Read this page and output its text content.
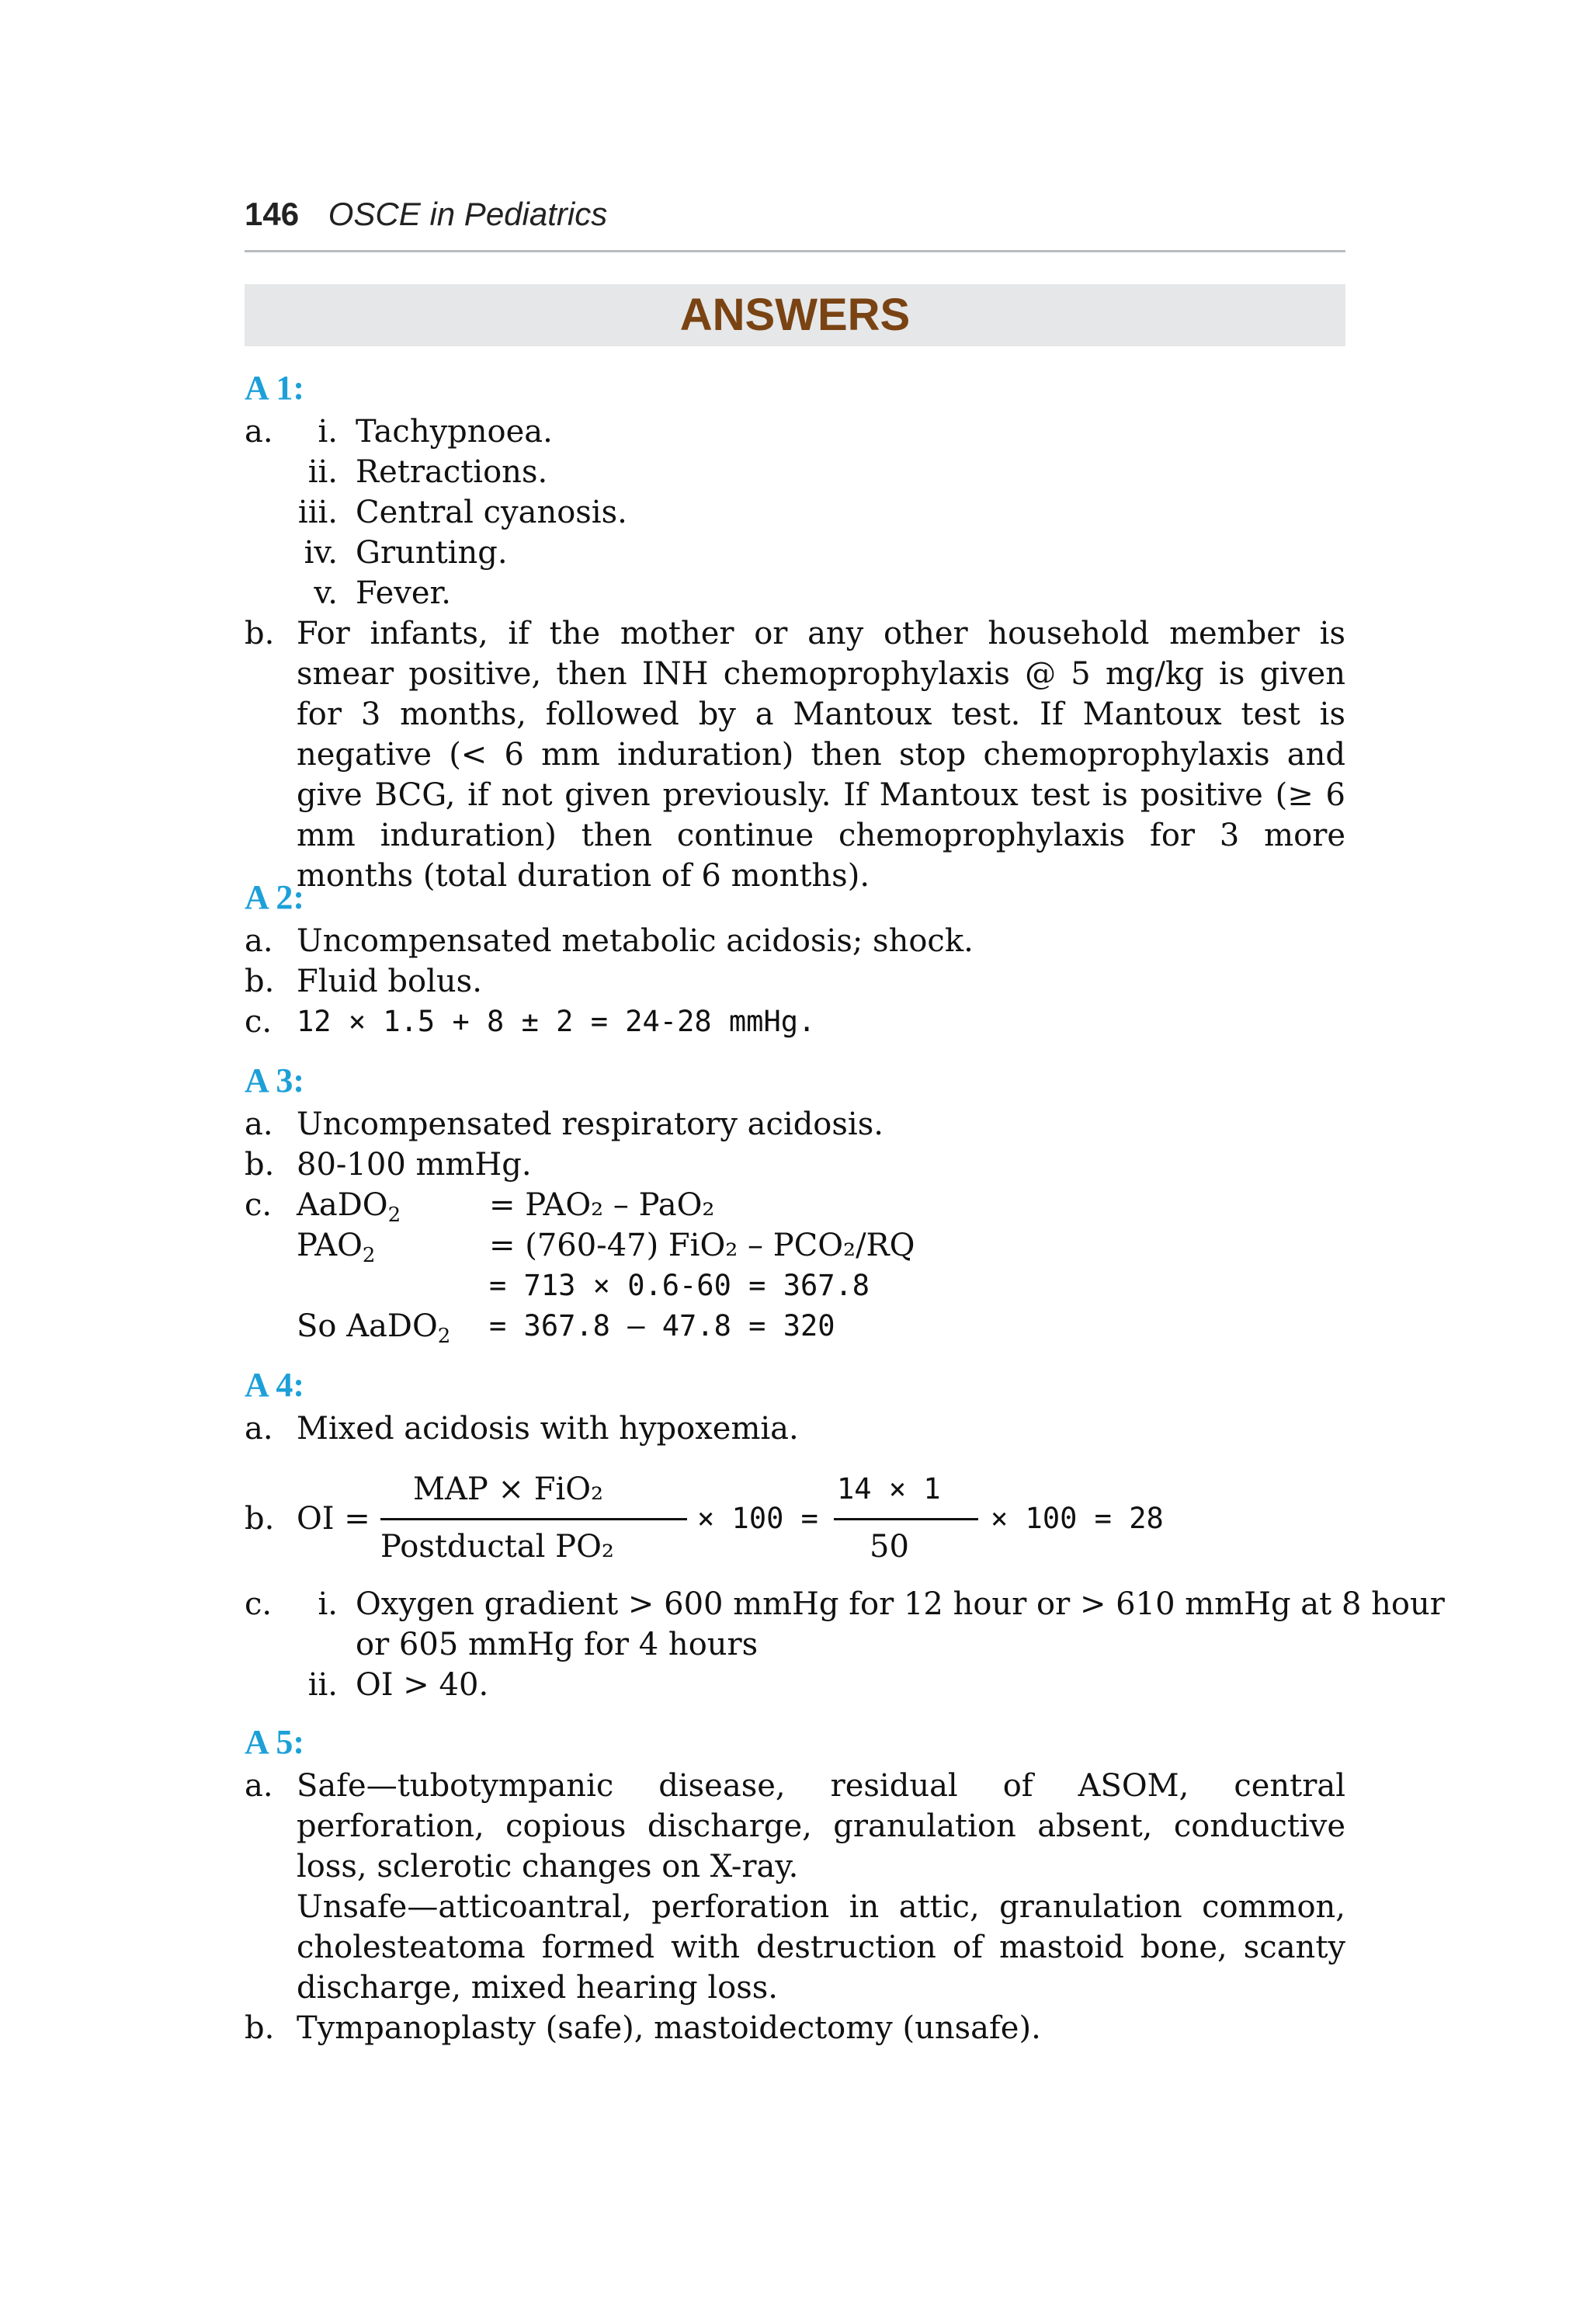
146 OSCE in Pediatrics
ANSWERS
A 1:
a.	i. Tachypnoea.
ii. Retractions.
iii. Central cyanosis.
iv. Grunting.
v. Fever.
b. For infants, if the mother or any other household member is smear positive, then INH chemoprophylaxis @ 5 mg/kg is given for 3 months, followed by a Mantoux test. If Mantoux test is negative (< 6 mm induration) then stop chemoprophylaxis and give BCG, if not given previously. If Mantoux test is positive (≥ 6 mm induration) then continue chemoprophylaxis for 3 more months (total duration of 6 months).
A 2:
a. Uncompensated metabolic acidosis; shock.
b. Fluid bolus.
c. 12 × 1.5 + 8 ± 2 = 24-28 mmHg.
A 3:
a. Uncompensated respiratory acidosis.
b. 80-100 mmHg.
c. AaDO$_2$	= PAO₂ – PaO₂
$PAO_2$	= (760-47) FiO₂ – PCO₂/RQ
= 713 × 0.6-60 = 367.8
So AaDO$_2$ = 367.8 – 47.8 = 320
A 4:
a. Mixed acidosis with hypoxemia.
b. OI =
MAP × FiO₂
Postductal PO₂
× 100 =
14 × 1
50
× 100 = 28
c.	i. Oxygen gradient > 600 mmHg for 12 hour or > 610 mmHg at 8 hour
or 605 mmHg for 4 hours
ii. OI > 40.
A 5:
a. Safe—tubotympanic disease, residual of ASOM, central perforation, copious discharge, granulation absent, conductive loss, sclerotic changes on X-ray.
Unsafe—atticoantral, perforation in attic, granulation common, cholesteatoma formed with destruction of mastoid bone, scanty discharge, mixed hearing loss.
b. Tympanoplasty (safe), mastoidectomy (unsafe).
